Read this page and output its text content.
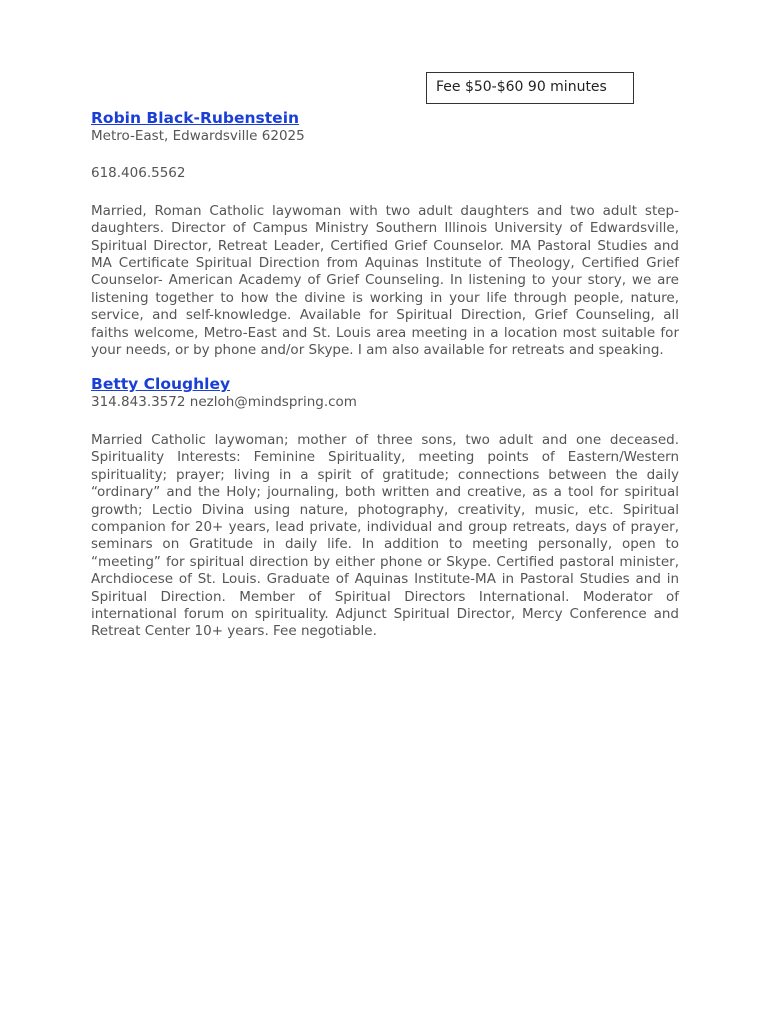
Fee $50-$60 90 minutes
Robin Black-Rubenstein

Metro-East, Edwardsville 62025

618.406.5562

Married, Roman Catholic laywoman with two adult daughters and two adult step-daughters. Director of Campus Ministry Southern Illinois University of Edwardsville, Spiritual Director, Retreat Leader, Certified Grief Counselor. MA Pastoral Studies and MA Certificate Spiritual Direction from Aquinas Institute of Theology, Certified Grief Counselor- American Academy of Grief Counseling. In listening to your story, we are listening together to how the divine is working in your life through people, nature, service, and self-knowledge. Available for Spiritual Direction, Grief Counseling, all faiths welcome, Metro-East and St. Louis area meeting in a location most suitable for your needs, or by phone and/or Skype. I am also available for retreats and speaking.

Betty Cloughley

314.843.3572 nezloh@mindspring.com

Married Catholic laywoman; mother of three sons, two adult and one deceased. Spirituality Interests: Feminine Spirituality, meeting points of Eastern/Western spirituality; prayer; living in a spirit of gratitude; connections between the daily “ordinary” and the Holy; journaling, both written and creative, as a tool for spiritual growth; Lectio Divina using nature, photography, creativity, music, etc. Spiritual companion for 20+ years, lead private, individual and group retreats, days of prayer, seminars on Gratitude in daily life. In addition to meeting personally, open to “meeting” for spiritual direction by either phone or Skype. Certified pastoral minister, Archdiocese of St. Louis. Graduate of Aquinas Institute-MA in Pastoral Studies and in Spiritual Direction. Member of Spiritual Directors International. Moderator of international forum on spirituality. Adjunct Spiritual Director, Mercy Conference and Retreat Center 10+ years. Fee negotiable.
